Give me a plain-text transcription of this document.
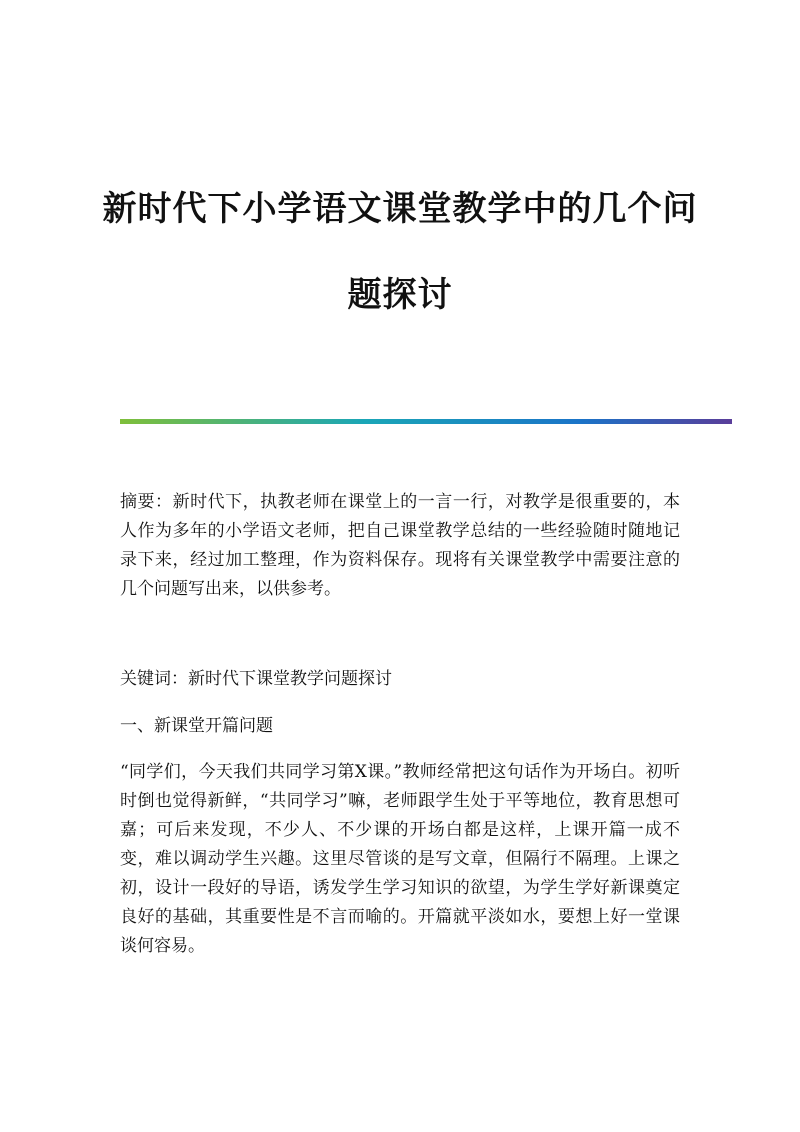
新时代下小学语文课堂教学中的几个问
题探讨

摘要：新时代下，执教老师在课堂上的一言一行，对教学是很重要的，本人作为多年的小学语文老师，把自己课堂教学总结的一些经验随时随地记录下来，经过加工整理，作为资料保存。现将有关课堂教学中需要注意的几个问题写出来，以供参考。

关键词：新时代下课堂教学问题探讨

一、新课堂开篇问题

“同学们，今天我们共同学习第X课。”教师经常把这句话作为开场白。初听时倒也觉得新鲜，“共同学习”嘛，老师跟学生处于平等地位，教育思想可嘉；可后来发现，不少人、不少课的开场白都是这样，上课开篇一成不变，难以调动学生兴趣。这里尽管谈的是写文章，但隔行不隔理。上课之初，设计一段好的导语，诱发学生学习知识的欲望，为学生学好新课奠定良好的基础，其重要性是不言而喻的。开篇就平淡如水，要想上好一堂课谈何容易。
